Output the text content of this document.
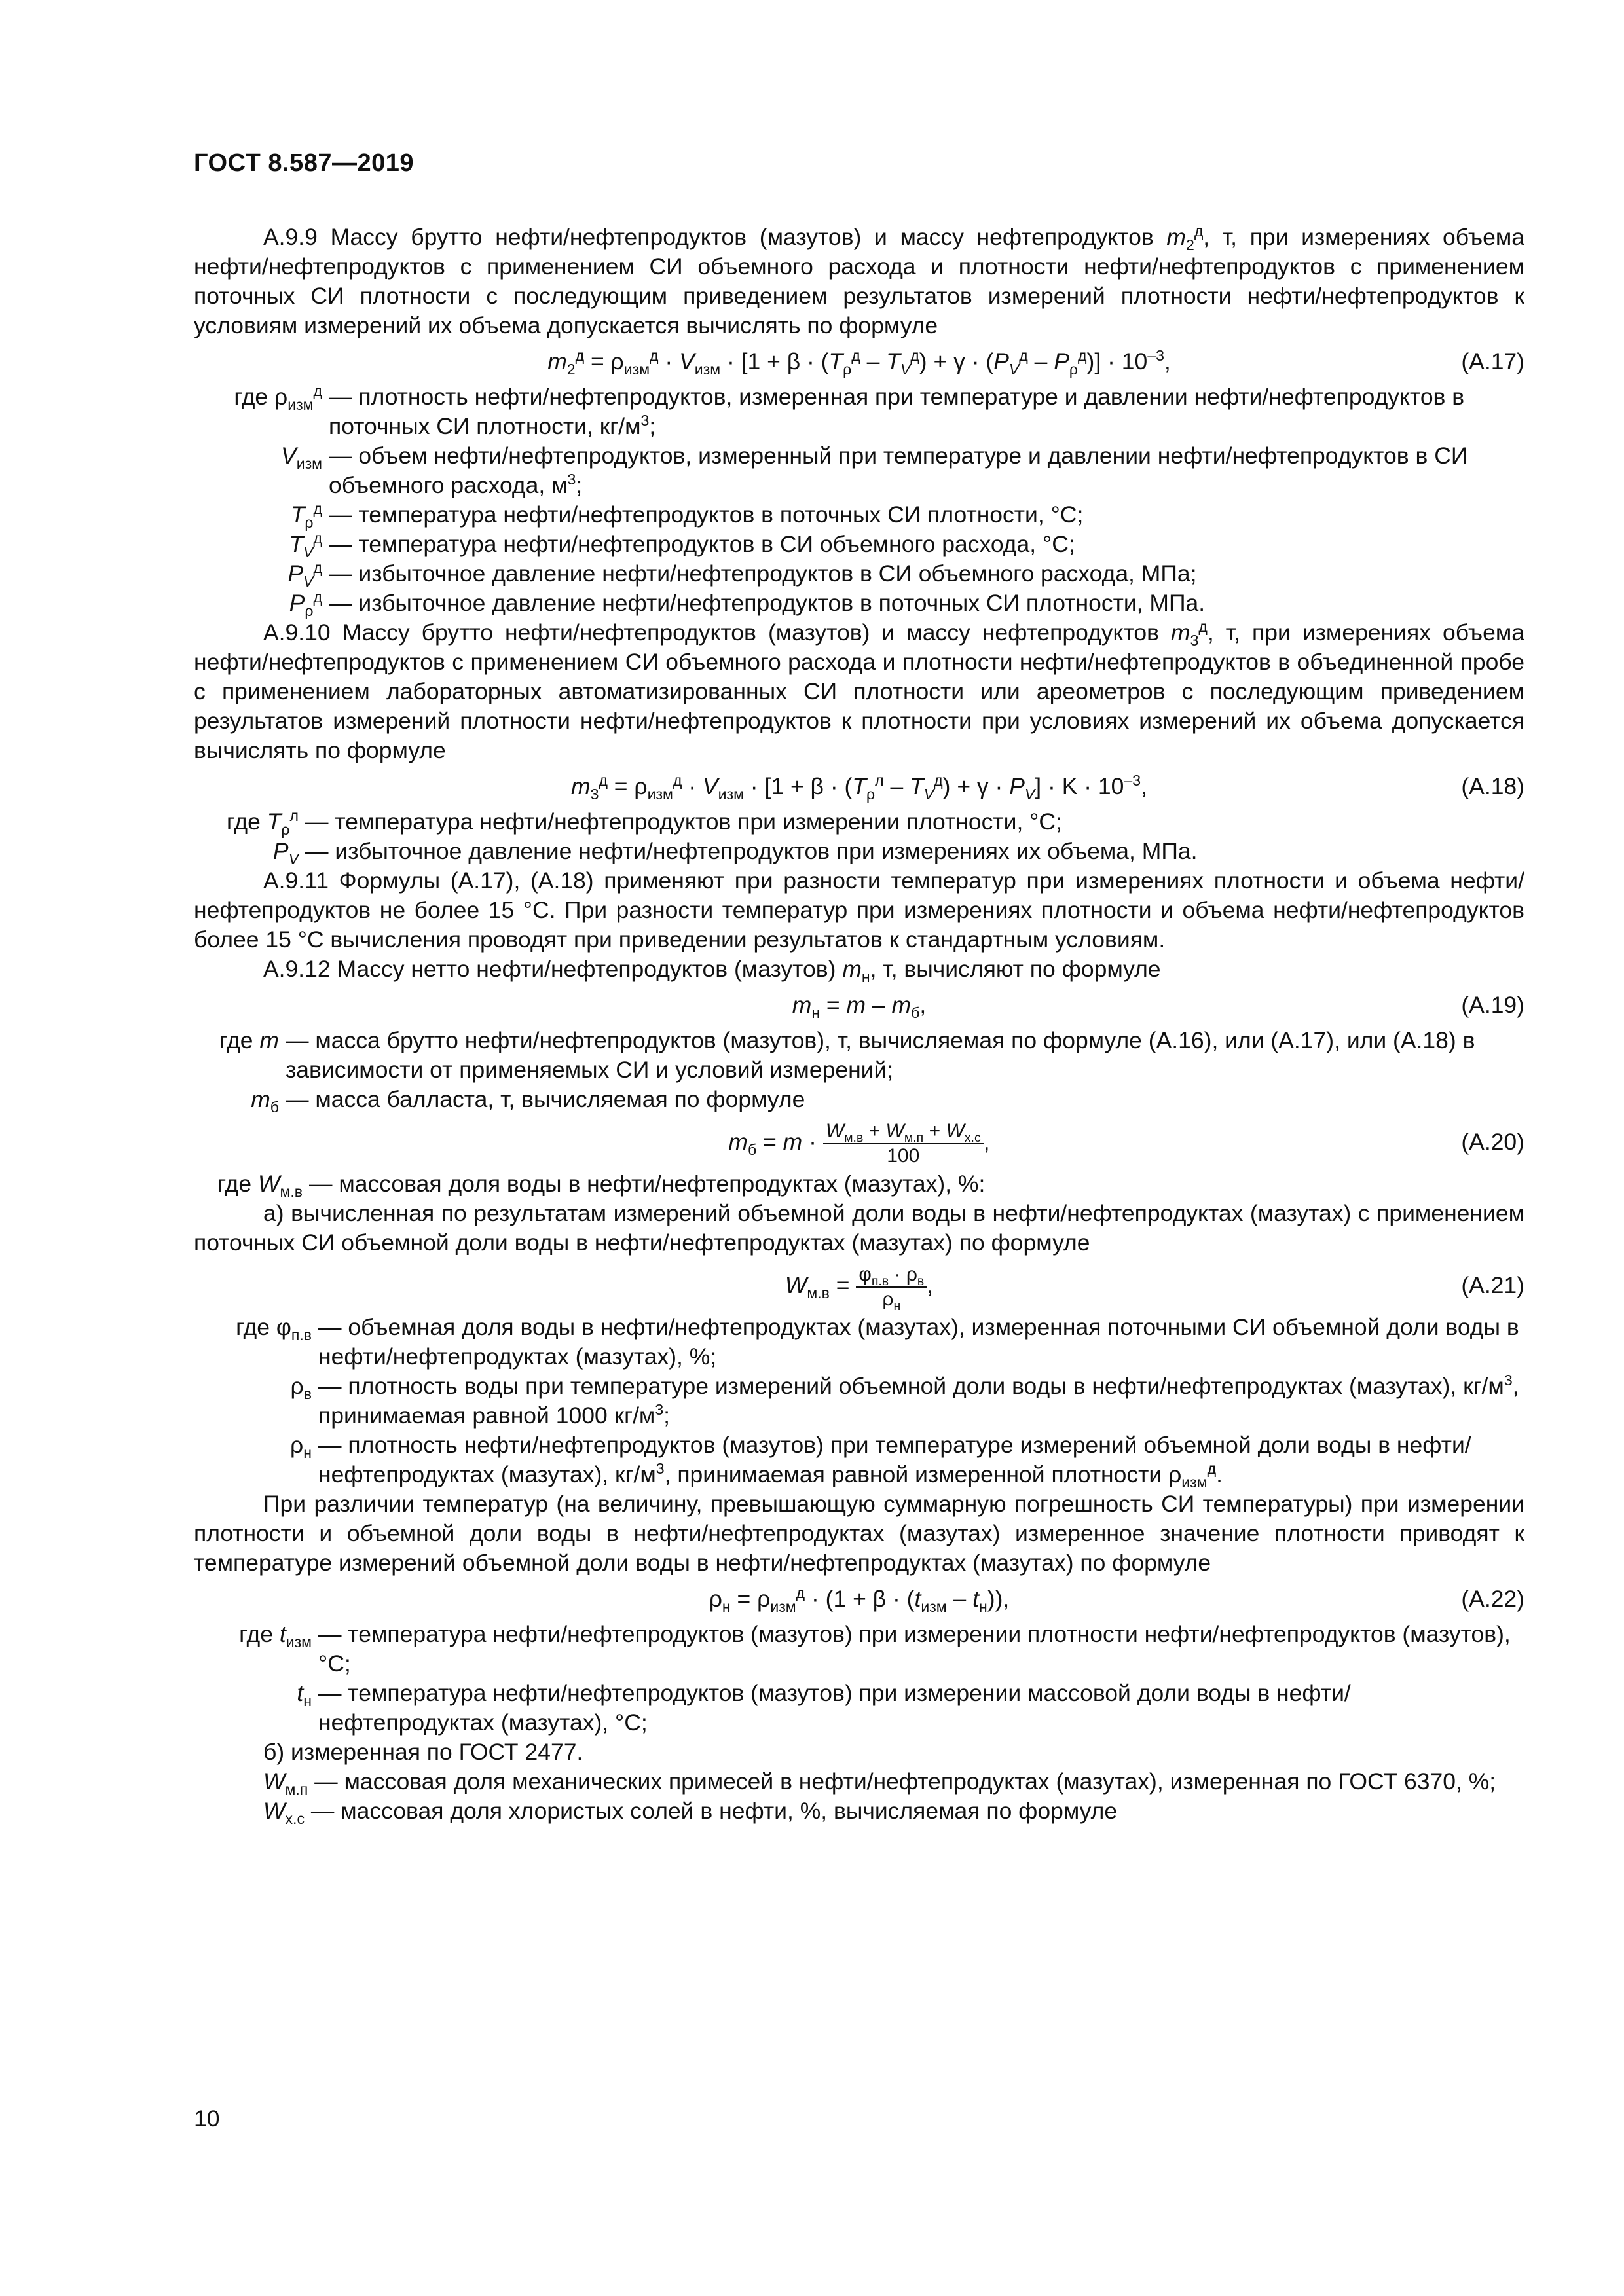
ГОСТ 8.587—2019

А.9.9 Массу брутто нефти/нефтепродуктов (мазутов) и массу нефтепродуктов $m_2^д$, т, при измерениях объема нефти/нефтепродуктов с применением СИ объемного расхода и плотности нефти/нефтепродуктов с применением поточных СИ плотности с последующим приведением результатов измерений плотности нефти/нефтепродуктов к условиям измерений их объема допускается вычислять по формуле

$m_2^д = \rho_{изм}^д \cdot V_{изм} \cdot [1 + \beta \cdot (T_\rho^д - T_V^д) + \gamma \cdot (P_V^д - P_\rho^д)] \cdot 10^{-3}$,	(А.17)
где $\rho_{изм}^д$ — плотность нефти/нефтепродуктов, измеренная при температуре и давлении нефти/нефтепродуктов в поточных СИ плотности, $кг/м^3$;
$V_{изм}$ — объем нефти/нефтепродуктов, измеренный при температуре и давлении нефти/нефтепродуктов в СИ объемного расхода, $м^3$;
$T_\rho^д$ — температура нефти/нефтепродуктов в поточных СИ плотности, °С;
$T_V^д$ — температура нефти/нефтепродуктов в СИ объемного расхода, °С;
$P_V^д$ — избыточное давление нефти/нефтепродуктов в СИ объемного расхода, МПа;
$P_\rho^д$ — избыточное давление нефти/нефтепродуктов в поточных СИ плотности, МПа.

А.9.10 Массу брутто нефти/нефтепродуктов (мазутов) и массу нефтепродуктов $m_3^д$, т, при измерениях объема нефти/нефтепродуктов с применением СИ объемного расхода и плотности нефти/нефтепродуктов в объединенной пробе с применением лабораторных автоматизированных СИ плотности или ареометров с последующим приведением результатов измерений плотности нефти/нефтепродуктов к плотности при условиях измерений их объема допускается вычислять по формуле

$m_3^д = \rho_{изм}^д \cdot V_{изм} \cdot [1 + \beta \cdot (T_\rho^л - T_V^д) + \gamma \cdot P_V] \cdot K \cdot 10^{-3}$,	(А.18)
где $T_\rho^л$ — температура нефти/нефтепродуктов при измерении плотности, °С;
$P_V$ — избыточное давление нефти/нефтепродуктов при измерениях их объема, МПа.

А.9.11 Формулы (А.17), (А.18) применяют при разности температур при измерениях плотности и объема нефти/нефтепродуктов не более 15 °С. При разности температур при измерениях плотности и объема нефти/нефтепродуктов более 15 °С вычисления проводят при приведении результатов к стандартным условиям.

А.9.12 Массу нетто нефти/нефтепродуктов (мазутов) $m_н$, т, вычисляют по формуле

$m_н = m - m_б$,	(А.19)
где m — масса брутто нефти/нефтепродуктов (мазутов), т, вычисляемая по формуле (А.16), или (А.17), или (А.18) в зависимости от применяемых СИ и условий измерений;
$m_б$ — масса балласта, т, вычисляемая по формуле
$m_б = m \cdot \frac{W_{м.в} + W_{м.п} + W_{х.с}}{100}$ ,	(А.20)
где $W_{м.в}$ — массовая доля воды в нефти/нефтепродуктах (мазутах), %:

а) вычисленная по результатам измерений объемной доли воды в нефти/нефтепродуктах (мазутах) с применением поточных СИ объемной доли воды в нефти/нефтепродуктах (мазутах) по формуле

$W_{м.в} = \frac{\varphi_{п.в} \cdot \rho_в}{\rho_н}$ ,	(А.21)
где $\varphi_{п.в}$ — объемная доля воды в нефти/нефтепродуктах (мазутах), измеренная поточными СИ объемной доли воды в нефти/нефтепродуктах (мазутах), %;
$\rho_в$ — плотность воды при температуре измерений объемной доли воды в нефти/нефтепродуктах (мазутах), $кг/м^3$, принимаемая равной 1000 $кг/м^3$;
$\rho_н$ — плотность нефти/нефтепродуктов (мазутов) при температуре измерений объемной доли воды в нефти/нефтепродуктах (мазутах), $кг/м^3$, принимаемая равной измеренной плотности $\rho_{изм}^д$.

При различии температур (на величину, превышающую суммарную погрешность СИ температуры) при измерении плотности и объемной доли воды в нефти/нефтепродуктах (мазутах) измеренное значение плотности приводят к температуре измерений объемной доли воды в нефти/нефтепродуктах (мазутах) по формуле

$\rho_н = \rho_{изм}^д \cdot (1 + \beta \cdot (t_{изм} - t_н))$,	(А.22)
где $t_{изм}$ — температура нефти/нефтепродуктов (мазутов) при измерении плотности нефти/нефтепродуктов (мазутов), °С;
$t_н$ — температура нефти/нефтепродуктов (мазутов) при измерении массовой доли воды в нефти/нефтепродуктах (мазутах), °С;

б) измеренная по ГОСТ 2477.

$W_{м.п}$ — массовая доля механических примесей в нефти/нефтепродуктах (мазутах), измеренная по ГОСТ 6370, %;

$W_{х.с}$ — массовая доля хлористых солей в нефти, %, вычисляемая по формуле

10
